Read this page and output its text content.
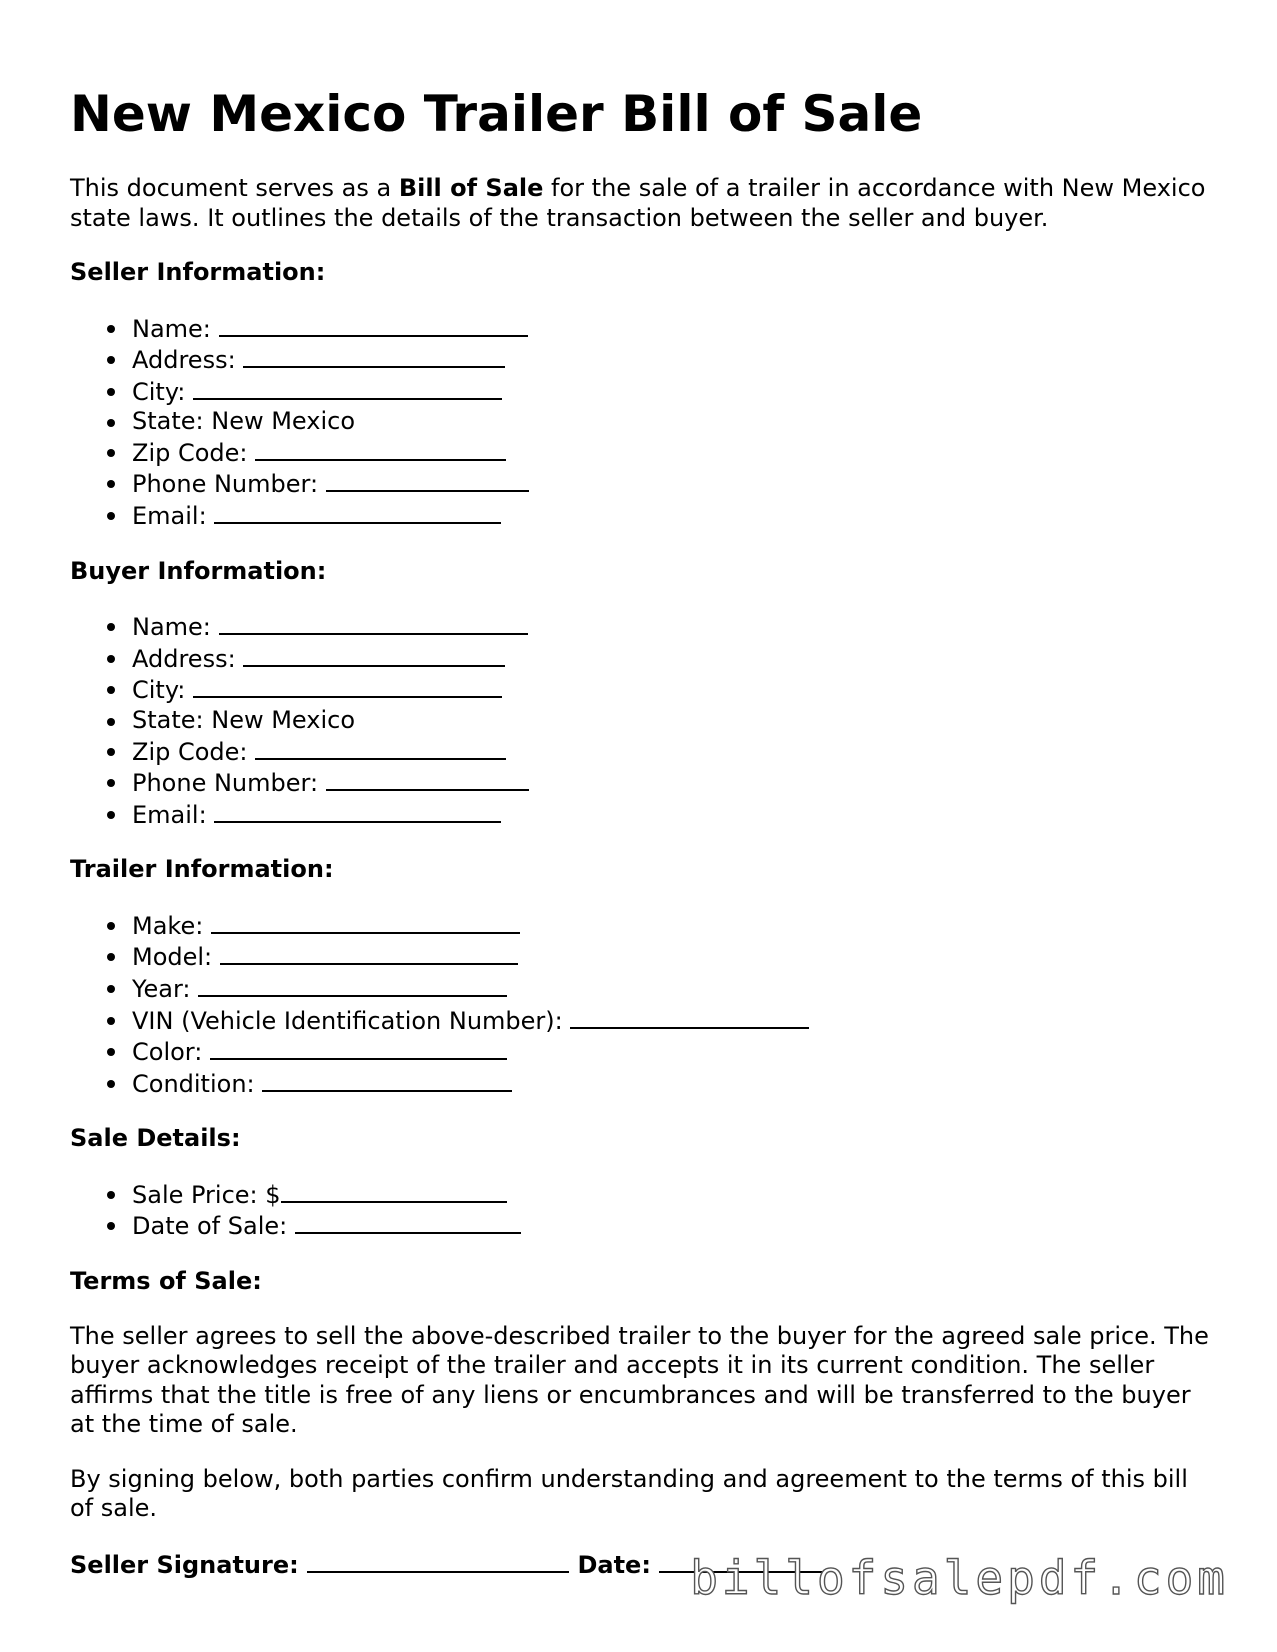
New Mexico Trailer Bill of Sale

This document serves as a Bill of Sale for the sale of a trailer in accordance with New Mexico state laws. It outlines the details of the transaction between the seller and buyer.

Seller Information:
Name:
Address:
City:
State: New Mexico
Zip Code:
Phone Number:
Email:
Buyer Information:
Name:
Address:
City:
State: New Mexico
Zip Code:
Phone Number:
Email:
Trailer Information:
Make:
Model:
Year:
VIN (Vehicle Identification Number):
Color:
Condition:
Sale Details:
Sale Price: $
Date of Sale:
Terms of Sale:

The seller agrees to sell the above-described trailer to the buyer for the agreed sale price. The buyer acknowledges receipt of the trailer and accepts it in its current condition. The seller affirms that the title is free of any liens or encumbrances and will be transferred to the buyer at the time of sale.

By signing below, both parties confirm understanding and agreement to the terms of this bill of sale.

Seller Signature:	Date: billofsalepdf.com
